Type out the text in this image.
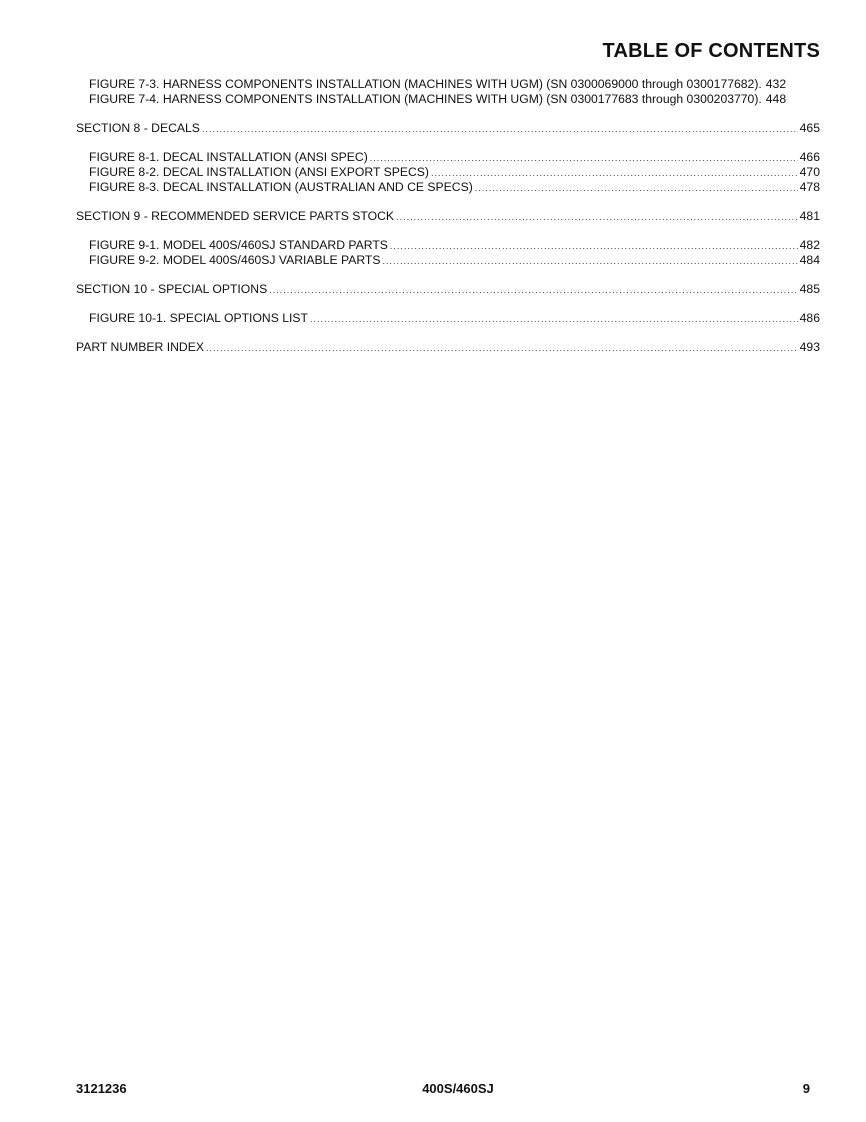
TABLE OF CONTENTS
FIGURE 7-3. HARNESS COMPONENTS INSTALLATION (MACHINES WITH UGM) (SN 0300069000 through 0300177682). 432
FIGURE 7-4. HARNESS COMPONENTS INSTALLATION (MACHINES WITH UGM) (SN 0300177683 through 0300203770). 448
SECTION 8 - DECALS .....	465
FIGURE 8-1. DECAL INSTALLATION (ANSI SPEC) .....	466
FIGURE 8-2. DECAL INSTALLATION (ANSI EXPORT SPECS) .....	470
FIGURE 8-3. DECAL INSTALLATION (AUSTRALIAN AND CE SPECS) .....	478
SECTION 9 - RECOMMENDED SERVICE PARTS STOCK .....	481
FIGURE 9-1. MODEL 400S/460SJ STANDARD PARTS .....	482
FIGURE 9-2. MODEL 400S/460SJ VARIABLE PARTS .....	484
SECTION 10 - SPECIAL OPTIONS .....	485
FIGURE 10-1. SPECIAL OPTIONS LIST .....	486
PART NUMBER INDEX .....	493
3121236	400S/460SJ	9
